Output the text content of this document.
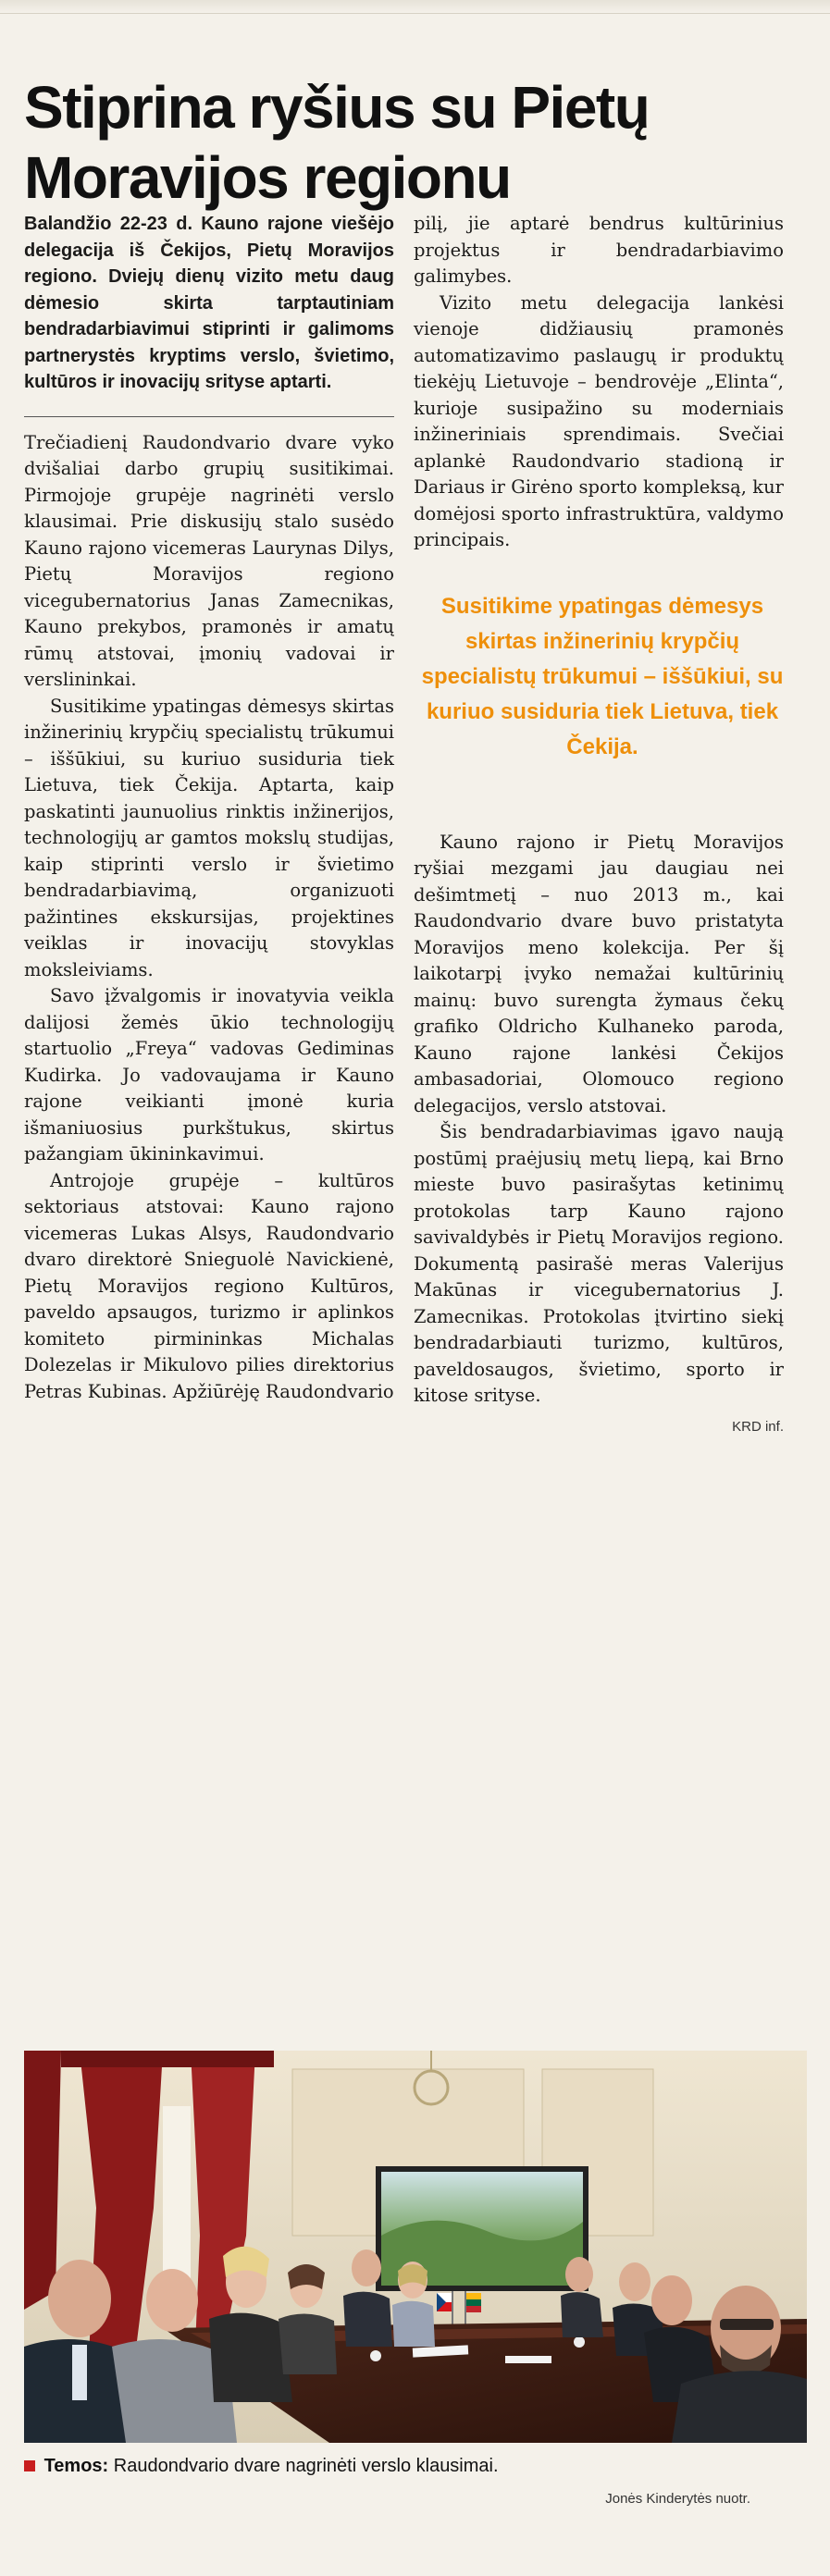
Stiprina ryšius su Pietų Moravijos regionu

Balandžio 22-23 d. Kauno rajone viešėjo delegacija iš Čekijos, Pietų Moravijos regiono. Dviejų dienų vizito metu daug dėmesio skirta tarptautiniam bendradarbiavimui stiprinti ir galimoms partnerystės kryptims verslo, švietimo, kultūros ir inovacijų srityse aptarti.

Trečiadienį Raudondvario dvare vyko dvišaliai darbo grupių susitikimai. Pirmojoje grupėje nagrinėti verslo klausimai. Prie diskusijų stalo susėdo Kauno rajono vicemeras Laurynas Dilys, Pietų Moravijos regiono vicegubernatorius Janas Zamecnikas, Kauno prekybos, pramonės ir amatų rūmų atstovai, įmonių vadovai ir verslininkai.

Susitikime ypatingas dėmesys skirtas inžinerinių krypčių specialistų trūkumui – iššūkiui, su kuriuo susiduria tiek Lietuva, tiek Čekija. Aptarta, kaip paskatinti jaunuolius rinktis inžinerijos, technologijų ar gamtos mokslų studijas, kaip stiprinti verslo ir švietimo bendradarbiavimą, organizuoti pažintines ekskursijas, projektines veiklas ir inovacijų stovyklas moksleiviams.

Savo įžvalgomis ir inovatyvia veikla dalijosi žemės ūkio technologijų startuolio „Freya“ vadovas Gediminas Kudirka. Jo vadovaujama ir Kauno rajone veikianti įmonė kuria išmaniuosius purkštukus, skirtus pažangiam ūkininkavimui.

Antrojoje grupėje – kultūros sektoriaus atstovai: Kauno rajono vicemeras Lukas Alsys, Raudondvario dvaro direktorė Snieguolė Navickienė, Pietų Moravijos regiono Kultūros, paveldo apsaugos, turizmo ir aplinkos komiteto pirmininkas Michalas Dolezelas ir Mikulovo pilies direktorius Petras Kubinas. Apžiūrėję Raudondvario

pilį, jie aptarė bendrus kultūrinius projektus ir bendradarbiavimo galimybes.

Vizito metu delegacija lankėsi vienoje didžiausių pramonės automatizavimo paslaugų ir produktų tiekėjų Lietuvoje – bendrovėje „Elinta“, kurioje susipažino su moderniais inžineriniais sprendimais. Svečiai aplankė Raudondvario stadioną ir Dariaus ir Girėno sporto kompleksą, kur domėjosi sporto infrastruktūra, valdymo principais.

Susitikime ypatingas dėmesys skirtas inžinerinių krypčių specialistų trūkumui – iššūkiui, su kuriuo susiduria tiek Lietuva, tiek Čekija.

Kauno rajono ir Pietų Moravijos ryšiai mezgami jau daugiau nei dešimtmetį – nuo 2013 m., kai Raudondvario dvare buvo pristatyta Moravijos meno kolekcija. Per šį laikotarpį įvyko nemažai kultūrinių mainų: buvo surengta žymaus čekų grafiko Oldricho Kulhaneko paroda, Kauno rajone lankėsi Čekijos ambasadoriai, Olomouco regiono delegacijos, verslo atstovai.

Šis bendradarbiavimas įgavo naują postūmį praėjusių metų liepą, kai Brno mieste buvo pasirašytas ketinimų protokolas tarp Kauno rajono savivaldybės ir Pietų Moravijos regiono. Dokumentą pasirašė meras Valerijus Makūnas ir vicegubernatorius J. Zamecnikas. Protokolas įtvirtino siekį bendradarbiauti turizmo, kultūros, paveldosaugos, švietimo, sporto ir kitose srityse.

KRD inf.
Temos: Raudondvario dvare nagrinėti verslo klausimai.
Jonės Kinderytės nuotr.
